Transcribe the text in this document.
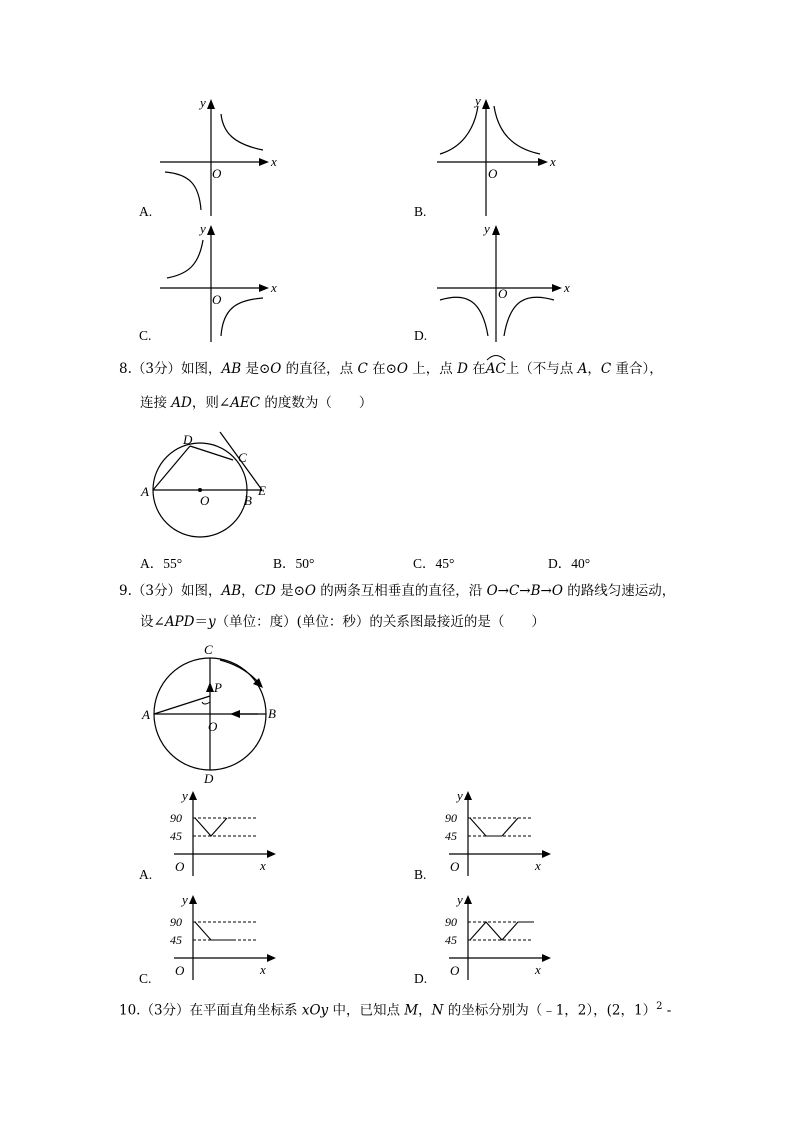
y
x
O
A.
y
x
O
B.
y
x
O
C.
y
x
O
D.
8.（3分）如图，AB 是⊙O 的直径，点 C 在⊙O 上，点 D 在
AC上（不与点 A，C 重合），
连接 AD，则∠AEC 的度数为（　　）
A
D
C
E
O	B
A．55°	B．50°	C．45°	D．40°
9.（3分）如图，AB，CD 是⊙O 的两条互相垂直的直径，沿 O→C→B→O 的路线匀速运动，
设∠APD＝y（单位：度）(单位：秒）的关系图最接近的是（　　）
C
P
A	B
O
D
y
90
45
O	x
y
90
45
O	x
y
90
45
O	x
y
90
45
O	x
A.	B.
C.	D.
10.（3分）在平面直角坐标系 xOy 中，已知点 M，N 的坐标分别为（﹣1，2），(2，1）$^2$ -
